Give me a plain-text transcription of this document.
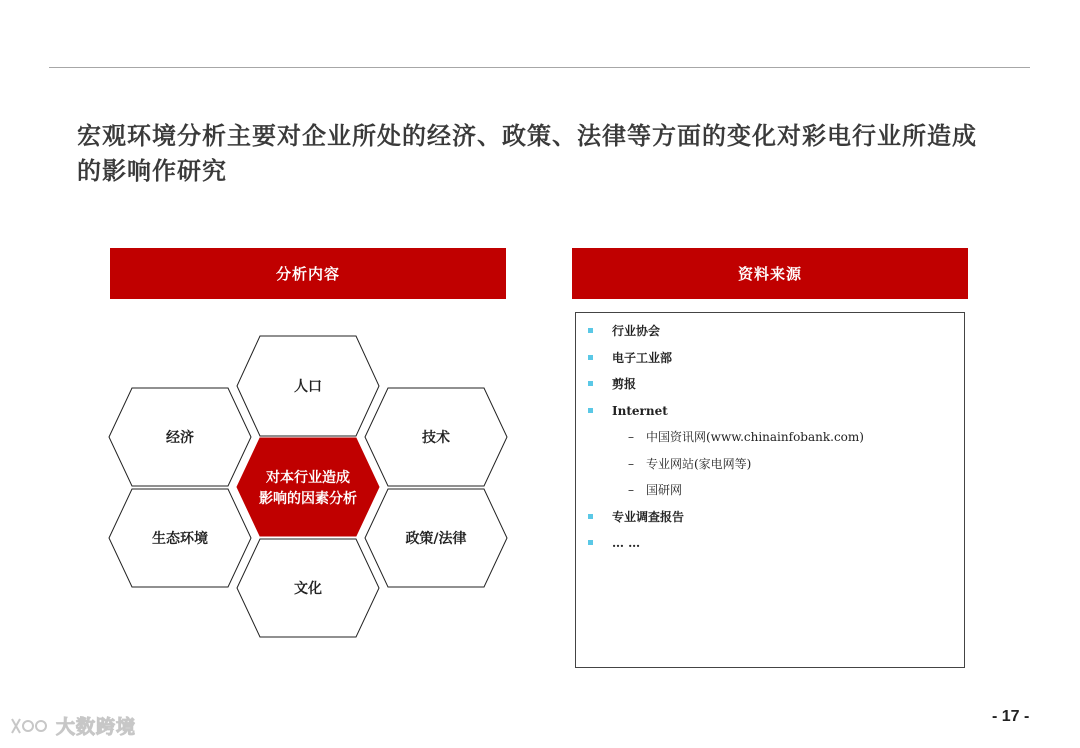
宏观环境分析主要对企业所处的经济、政策、法律等方面的变化对彩电行业所造成的影响作研究
分析内容	资料来源
人口
经济	技术
对本行业造成
影响的因素分析
生态环境	政策/法律
文化
行业协会
电子工业部
剪报
Internet
– 中国资讯网(www.chinainfobank.com)
– 专业网站(家电网等)
– 国研网
专业调查报告
… …
- 17 -
大数跨境
